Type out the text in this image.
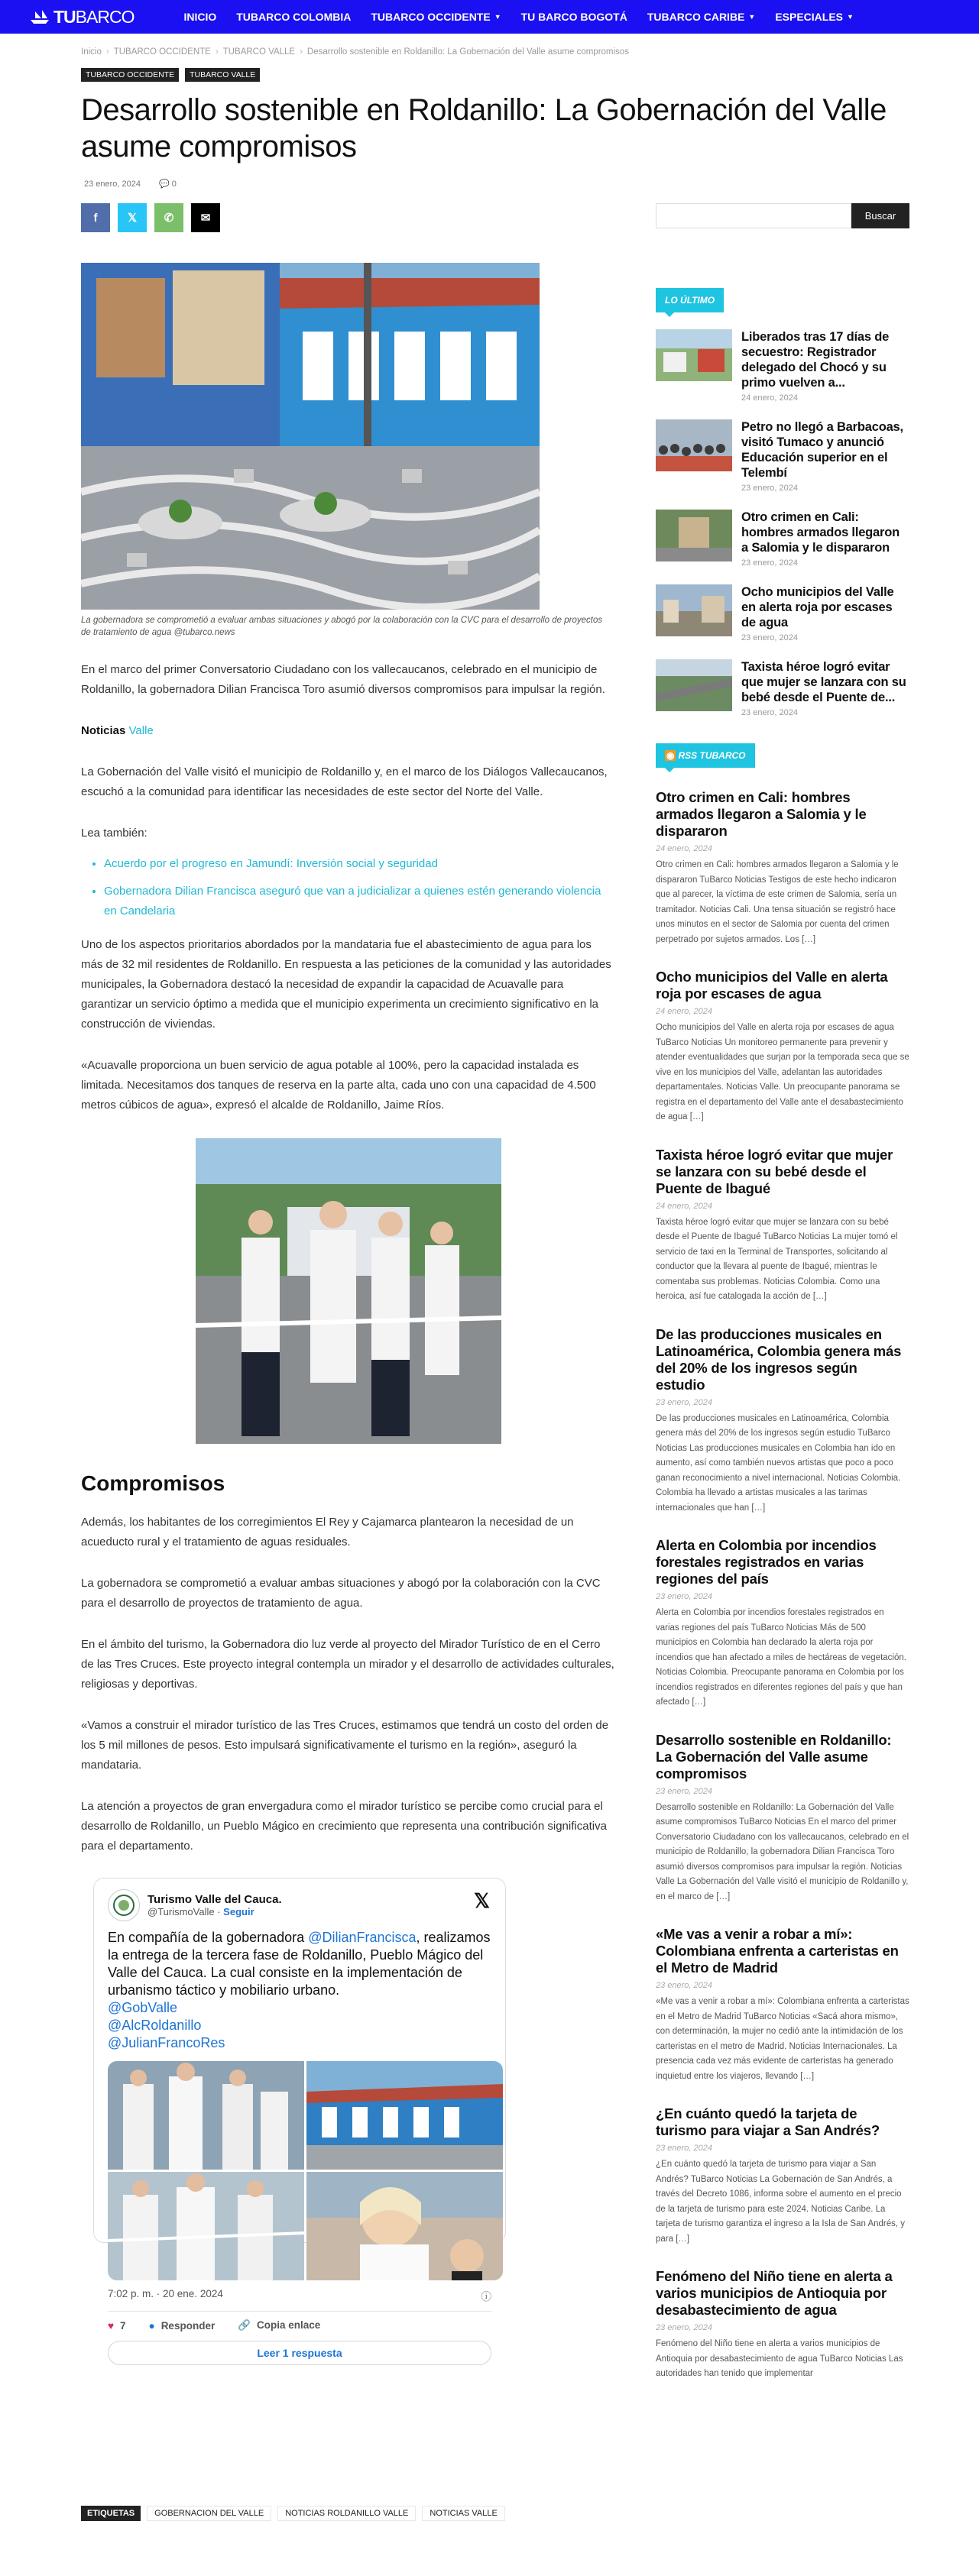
TU BARCO	INICIO TUBARCO COLOMBIA TUBARCO OCCIDENTE ▼ TU BARCO BOGOTÁ TUBARCO CARIBE ▼ ESPECIALES ▼
Inicio › TUBARCO OCCIDENTE › TUBARCO VALLE › Desarrollo sostenible en Roldanillo: La Gobernación del Valle asume compromisos
TUBARCO OCCIDENTE	TUBARCO VALLE
Desarrollo sostenible en Roldanillo: La Gobernación del Valle asume compromisos
23 enero, 2024 💬 0
f	𝕏 ✆ ✉

La gobernadora se comprometió a evaluar ambas situaciones y abogó por la colaboración con la CVC para el desarrollo de proyectos de tratamiento de agua @tubarco.news

En el marco del primer Conversatorio Ciudadano con los vallecaucanos, celebrado en el municipio de Roldanillo, la gobernadora Dilian Francisca Toro asumió diversos compromisos para impulsar la región.

Noticias Valle

La Gobernación del Valle visitó el municipio de Roldanillo y, en el marco de los Diálogos Vallecaucanos, escuchó a la comunidad para identificar las necesidades de este sector del Norte del Valle.

Lea también:

• Acuerdo por el progreso en Jamundí: Inversión social y seguridad
• Gobernadora Dilian Francisca aseguró que van a judicializar a quienes estén generando violencia en Candelaria

Uno de los aspectos prioritarios abordados por la mandataria fue el abastecimiento de agua para los más de 32 mil residentes de Roldanillo. En respuesta a las peticiones de la comunidad y las autoridades municipales, la Gobernadora destacó la necesidad de expandir la capacidad de Acuavalle para garantizar un servicio óptimo a medida que el municipio experimenta un crecimiento significativo en la construcción de viviendas.

«Acuavalle proporciona un buen servicio de agua potable al 100%, pero la capacidad instalada es limitada. Necesitamos dos tanques de reserva en la parte alta, cada uno con una capacidad de 4.500 metros cúbicos de agua», expresó el alcalde de Roldanillo, Jaime Ríos.

Compromisos

Además, los habitantes de los corregimientos El Rey y Cajamarca plantearon la necesidad de un acueducto rural y el tratamiento de aguas residuales.

La gobernadora se comprometió a evaluar ambas situaciones y abogó por la colaboración con la CVC para el desarrollo de proyectos de tratamiento de agua.

En el ámbito del turismo, la Gobernadora dio luz verde al proyecto del Mirador Turístico de en el Cerro de las Tres Cruces. Este proyecto integral contempla un mirador y el desarrollo de actividades culturales, religiosas y deportivas.

«Vamos a construir el mirador turístico de las Tres Cruces, estimamos que tendrá un costo del orden de los 5 mil millones de pesos. Esto impulsará significativamente el turismo en la región», aseguró la mandataria.

La atención a proyectos de gran envergadura como el mirador turístico se percibe como crucial para el desarrollo de Roldanillo, un Pueblo Mágico en crecimiento que representa una contribución significativa para el departamento.

Turismo Valle del Cauca.
@TurismoValle · Seguir	𝕏
En compañía de la gobernadora @DilianFrancisca, realizamos la entrega de la tercera fase de Roldanillo, Pueblo Mágico del Valle del Cauca. La cual consiste en la implementación de urbanismo táctico y mobiliario urbano.
@GobValle
@AlcRoldanillo
@JulianFrancoRes
7:02 p. m. · 20 ene. 2024	ⓘ
♥ 7 ● Responder 🔗 Copia enlace
Leer 1 respuesta
ETIQUETAS	GOBERNACION DEL VALLE	NOTICIAS ROLDANILLO VALLE	NOTICIAS VALLE
Buscar
LO ÚLTIMO
Liberados tras 17 días de secuestro: Registrador delegado del Chocó y su primo vuelven a...
24 enero, 2024
Petro no llegó a Barbacoas, visitó Tumaco y anunció Educación superior en el Telembí
23 enero, 2024
Otro crimen en Cali: hombres armados llegaron a Salomia y le dispararon
23 enero, 2024
Ocho municipios del Valle en alerta roja por escases de agua
23 enero, 2024
Taxista héroe logró evitar que mujer se lanzara con su bebé desde el Puente de...
23 enero, 2024
◉ RSS TUBARCO
Otro crimen en Cali: hombres armados llegaron a Salomia y le dispararon
24 enero, 2024
Otro crimen en Cali: hombres armados llegaron a Salomia y le dispararon TuBarco Noticias Testigos de este hecho indicaron que al parecer, la víctima de este crimen de Salomia, sería un tramitador. Noticias Cali. Una tensa situación se registró hace unos minutos en el sector de Salomia por cuenta del crimen perpetrado por sujetos armados. Los […]
Ocho municipios del Valle en alerta roja por escases de agua
24 enero, 2024
Ocho municipios del Valle en alerta roja por escases de agua TuBarco Noticias Un monitoreo permanente para prevenir y atender eventualidades que surjan por la temporada seca que se vive en los municipios del Valle, adelantan las autoridades departamentales. Noticias Valle. Un preocupante panorama se registra en el departamento del Valle ante el desabastecimiento de agua […]
Taxista héroe logró evitar que mujer se lanzara con su bebé desde el Puente de Ibagué
24 enero, 2024
Taxista héroe logró evitar que mujer se lanzara con su bebé desde el Puente de Ibagué TuBarco Noticias La mujer tomó el servicio de taxi en la Terminal de Transportes, solicitando al conductor que la llevara al puente de Ibagué, mientras le comentaba sus problemas. Noticias Colombia. Como una heroica, así fue catalogada la acción de […]
De las producciones musicales en Latinoamérica, Colombia genera más del 20% de los ingresos según estudio
23 enero, 2024
De las producciones musicales en Latinoamérica, Colombia genera más del 20% de los ingresos según estudio TuBarco Noticias Las producciones musicales en Colombia han ido en aumento, así como también nuevos artistas que poco a poco ganan reconocimiento a nivel internacional. Noticias Colombia. Colombia ha llevado a artistas musicales a las tarimas internacionales que han […]
Alerta en Colombia por incendios forestales registrados en varias regiones del país
23 enero, 2024
Alerta en Colombia por incendios forestales registrados en varias regiones del país TuBarco Noticias Más de 500 municipios en Colombia han declarado la alerta roja por incendios que han afectado a miles de hectáreas de vegetación. Noticias Colombia. Preocupante panorama en Colombia por los incendios registrados en diferentes regiones del país y que han afectado […]
Desarrollo sostenible en Roldanillo: La Gobernación del Valle asume compromisos
23 enero, 2024
Desarrollo sostenible en Roldanillo: La Gobernación del Valle asume compromisos TuBarco Noticias En el marco del primer Conversatorio Ciudadano con los vallecaucanos, celebrado en el municipio de Roldanillo, la gobernadora Dilian Francisca Toro asumió diversos compromisos para impulsar la región. Noticias Valle La Gobernación del Valle visitó el municipio de Roldanillo y, en el marco de […]
«Me vas a venir a robar a mí»: Colombiana enfrenta a carteristas en el Metro de Madrid
23 enero, 2024
«Me vas a venir a robar a mí»: Colombiana enfrenta a carteristas en el Metro de Madrid TuBarco Noticias «Sacá ahora mismo», con determinación, la mujer no cedió ante la intimidación de los carteristas en el metro de Madrid. Noticias Internacionales. La presencia cada vez más evidente de carteristas ha generado inquietud entre los viajeros, llevando […]
¿En cuánto quedó la tarjeta de turismo para viajar a San Andrés?
23 enero, 2024
¿En cuánto quedó la tarjeta de turismo para viajar a San Andrés? TuBarco Noticias La Gobernación de San Andrés, a través del Decreto 1086, informa sobre el aumento en el precio de la tarjeta de turismo para este 2024. Noticias Caribe. La tarjeta de turismo garantiza el ingreso a la Isla de San Andrés, y para […]
Fenómeno del Niño tiene en alerta a varios municipios de Antioquia por desabastecimiento de agua
23 enero, 2024
Fenómeno del Niño tiene en alerta a varios municipios de Antioquia por desabastecimiento de agua TuBarco Noticias Las autoridades han tenido que implementar
